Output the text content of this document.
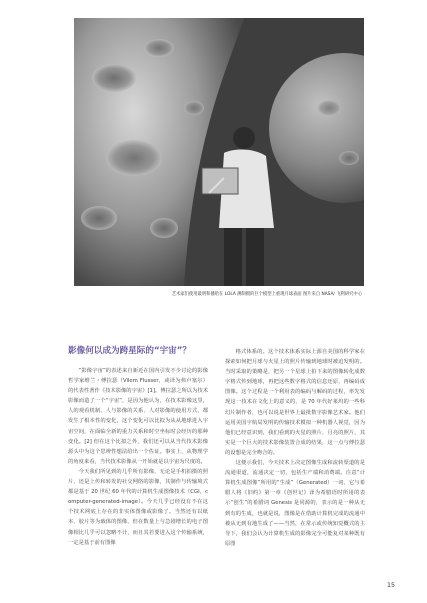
艺术家们使用最明和播哈在 LOLA 测制摄的巨个模型上重现月球表面 图片来自 NASA/ 飞利研究中心
影像何以成为跨星际的“宇宙”？

“影像宇宙”的表述来自新近在国内引发不少讨论的影像哲学家维兰・傅拉瑟（Vilem Flusser，或译为弗卢塞尔）的代表性著作《技术影像的宇宙》[1]。傅拉瑟之所以为技术影像而造了一个“宇宙”，是因为他认为，在技术影像这里，人的观看机制、人与影像的关系、人对影像的使用方式，都发生了根本性的变化，这个变化可以比拟为从从地球进入宇宙空间，在面临全新的重力关系和时空坐标时会经历的那种变化。[2] 但在这个比拟之外，我们还可以从当代技术影像源头中为这个思辨性想法给出一个佐证。事实上，从物理学的角度来看，当代技术影像从一开始就是以宇宙为尺度的。

今天我们所见到的几乎所有影像，无论是手机拍摄的照片，还是上传和转发的社交网络的影像，其制作与传输境式都是基于 20 世纪 60 年代的计算机生成图像技术（CGI，computer-generated-image）。今天几乎已经没有不在这个技术网底上存在的非实体图像或影像了。当然还有以纸本、胶片等为载体的图像，但在数量上与急剧增长的电子图像相比几乎可以忽略不计，而且其若要进入这个传输系统，一定是基于前有图像

格式体系的。这个技术体系实际上源自美国的科学家在探索如何把月球与火星上的照片传输到地球时被迫发明的。当时采取的策略是，把另一个星球上拍下来的图像转化成数字格式传到地球，再把这些数字格式的信息还原、再编码成图像。这个过程是一个利用表的编码与解码的过程，率先发现这一技术在文化上的意义的，是 70 年代好莱坞的一些科幻片制作者，也可以说是世界上最批数字影像艺术家。他们运用美国宇航局发明的传输技术模拟一种机器人视觉，因为他们已经意识到，我们看到的火星的照片，月亮的照片，其实是一个巨大的技术影像装置合成的结果，这一点与傅拉瑟的设想是完全吻合的。

这便示我们，今天技术上决定图像生成和流转渠道的是流通渠道，流通决定一切，包括生产端和消费端。注意“计算机生成图像”所用的“生成”（Generated）一词，它与希腊人将《旧约》第一章《创世记》译为希腊语时所用的表示“创生”的希腊词 Genesis 是同源的，表示的是一种从无到有的生成，也就是说，图像是在借助计算机完成的流通中被从无到有地生成了——当然，在常示或传统知觉概式的主导下，我们会认为计算机生成的影像完全可能复对某种既有原图

15
